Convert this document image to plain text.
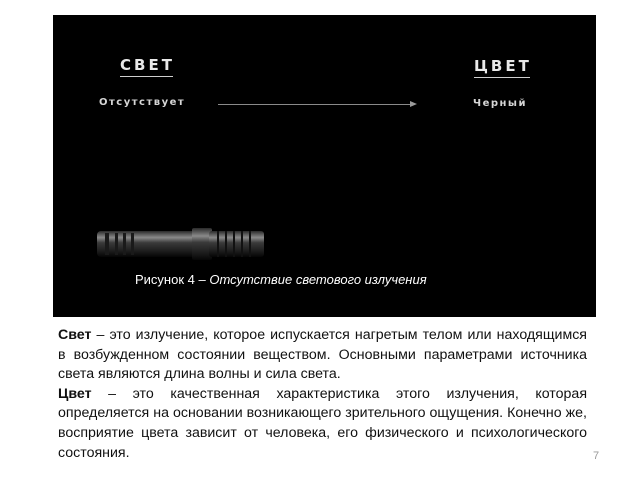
СВЕТ	ЦВЕТ
Отсутствует	Черный
Рисунок 4 – Отсутствие светового излучения

Свет – это излучение, которое испускается нагретым телом или находящимся в возбужденном состоянии веществом. Основными параметрами источника света являются длина волны и сила света.

Цвет – это качественная характеристика этого излучения, которая определяется на основании возникающего зрительного ощущения. Конечно же, восприятие цвета зависит от человека, его физического и психологического состояния.	7
